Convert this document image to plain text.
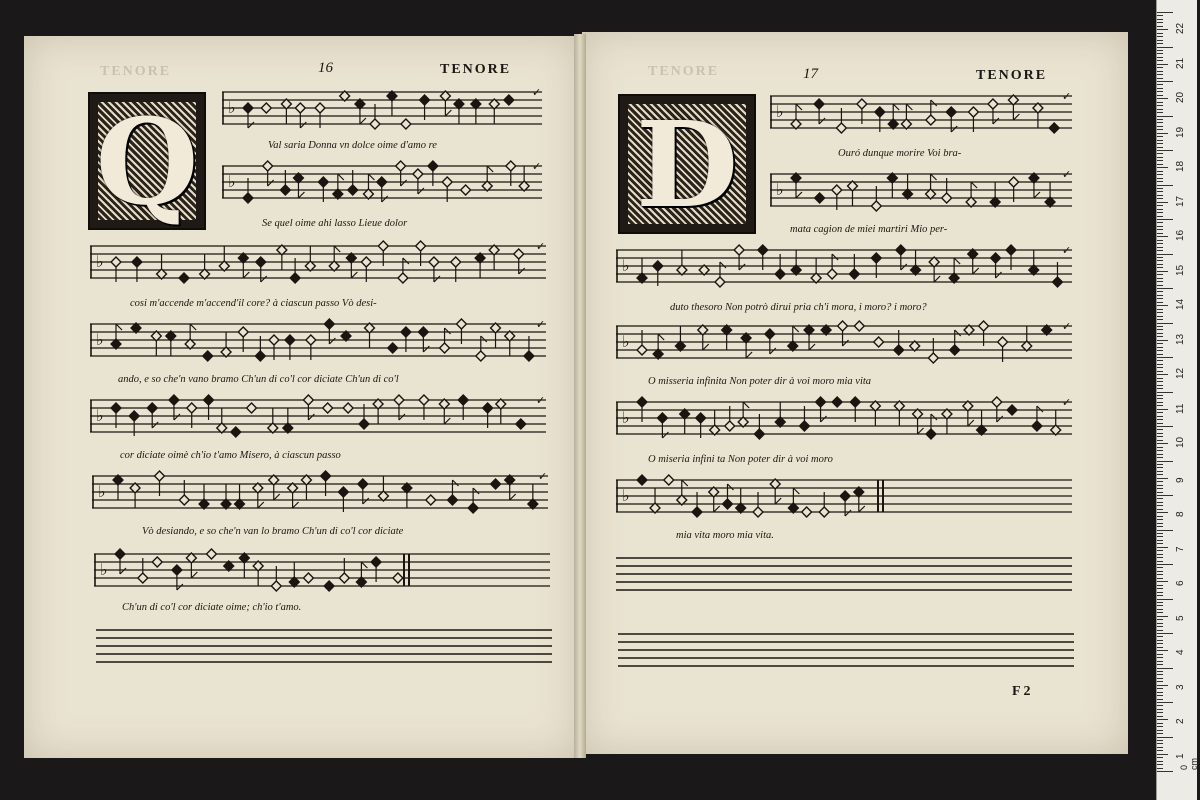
TENORE	16	TENORE	TENORE	17	TENORE
Q	D
♭
✓
Val saria Donna vn dolce oime d'amo re
♭
✓
Se quel oime ahi lasso Lieue dolor
♭
✓
cosi m'accende m'accend'il core? à ciascun passo Vò desi-
♭
✓
ando, e so che'n vano bramo Ch'un di co'l cor diciate Ch'un di co'l
♭
✓
cor diciate oimè ch'io t'amo Misero, à ciascun passo
♭
✓
Vò desiando, e so che'n van lo bramo Ch'un di co'l cor diciate
♭
Ch'un di co'l cor diciate oime; ch'io t'amo.
♭
✓
Ouró dunque morire Voi bra-
♭
✓
mata cagion de miei martiri Mio per-
♭
✓
duto thesoro Non potrò dirui pria ch'i mora, i moro? i moro?
♭
✓
O misseria infinita Non poter dir à voi moro mia vita
♭
✓
O miseria infini ta Non poter dir à voi moro
♭
mia vita moro mia vita.
F 2
0 cm
22
21
20
19
18
17
16
15
14
13
12
11
10
9
8
7
6
5
4
3
2
1
